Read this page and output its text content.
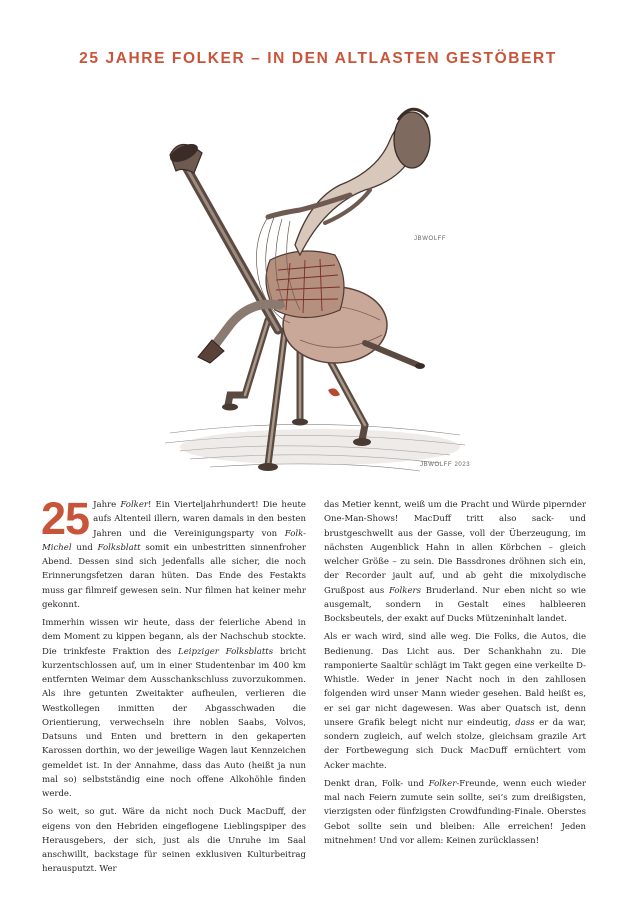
25 JAHRE FOLKER – IN DEN ALTLASTEN GESTÖBERT
JBWOLFF
JBWOLFF 2023

25 Jahre Folker! Ein Vierteljahrhundert! Die heute aufs Altenteil illern, waren damals in den besten Jahren und die Vereinigungsparty von Folk-Michel und Folksblatt somit ein unbestritten sinnenfroher Abend. Dessen sind sich jedenfalls alle sicher, die noch Erinnerungsfetzen daran hüten. Das Ende des Festakts muss gar filmreif gewesen sein. Nur filmen hat keiner mehr gekonnt.

Immerhin wissen wir heute, dass der feierliche Abend in dem Moment zu kippen begann, als der Nachschub stockte. Die trinkfeste Fraktion des Leipziger Folksblatts bricht kurzentschlossen auf, um in einer Studentenbar im 400 km entfernten Weimar dem Ausschankschluss zuvorzukommen. Als ihre getunten Zweitakter aufheulen, verlieren die Westkollegen inmitten der Abgasschwaden die Orientierung, verwechseln ihre noblen Saabs, Volvos, Datsuns und Enten und brettern in den gekaperten Karossen dorthin, wo der jeweilige Wagen laut Kennzeichen gemeldet ist. In der Annahme, dass das Auto (heißt ja nun mal so) selbstständig eine noch offene Alkohöhle finden werde.

So weit, so gut. Wäre da nicht noch Duck MacDuff, der eigens von den Hebriden eingeflogene Lieblingspiper des Herausgebers, der sich, just als die Unruhe im Saal anschwillt, backstage für seinen exklusiven Kulturbeitrag herausputzt. Wer

das Metier kennt, weiß um die Pracht und Würde pipernder One-Man-Shows! MacDuff tritt also sack- und brustgeschwellt aus der Gasse, voll der Überzeugung, im nächsten Augenblick Hahn in allen Körbchen – gleich welcher Größe – zu sein. Die Bassdrones dröhnen sich ein, der Recorder jault auf, und ab geht die mixolydische Grußpost aus Folkers Bruderland. Nur eben nicht so wie ausgemalt, sondern in Gestalt eines halbleeren Bocksbeutels, der exakt auf Ducks Mützeninhalt landet.

Als er wach wird, sind alle weg. Die Folks, die Autos, die Bedienung. Das Licht aus. Der Schankhahn zu. Die ramponierte Saaltür schlägt im Takt gegen eine verkeilte D-Whistle. Weder in jener Nacht noch in den zahllosen folgenden wird unser Mann wieder gesehen. Bald heißt es, er sei gar nicht dagewesen. Was aber Quatsch ist, denn unsere Grafik belegt nicht nur eindeutig, dass er da war, sondern zugleich, auf welch stolze, gleichsam grazile Art der Fortbewegung sich Duck MacDuff ernüchtert vom Acker machte.

Denkt dran, Folk- und Folker-Freunde, wenn euch wieder mal nach Feiern zumute sein sollte, sei’s zum dreißigsten, vierzigsten oder fünfzigsten Crowdfunding-Finale. Oberstes Gebot sollte sein und bleiben: Alle erreichen! Jeden mitnehmen! Und vor allem: Keinen zurücklassen!
